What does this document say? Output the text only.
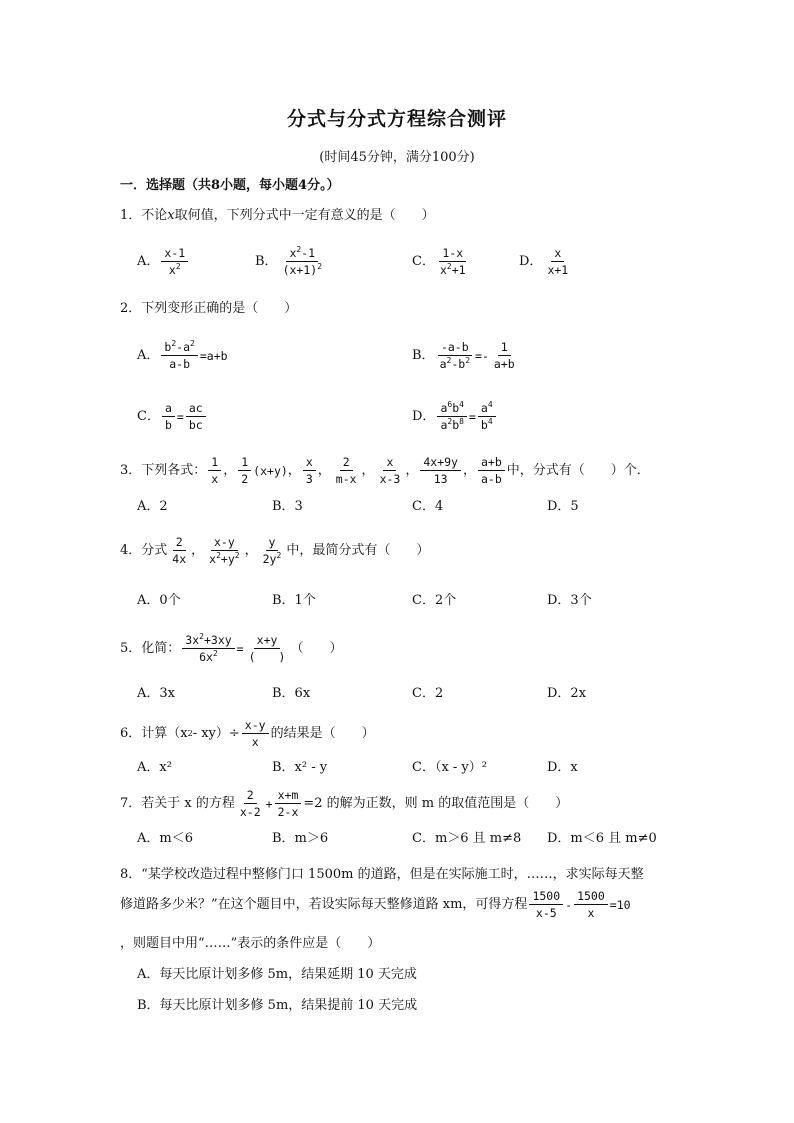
分式与分式方程综合测评
(时间45分钟，满分100分)
一．选择题（共8小题，每小题4分。）
1．不论x取何值，下列分式中一定有意义的是（　　）
A． $\frac{x-1}{x^2}$	B． $\frac{x^2-1}{(x+1)^2}$	C． $\frac{1-x}{x^2+1}$	D． $\frac{x}{x+1}$
2．下列变形正确的是（　　）
A． $\frac{b^2-a^2}{a-b} =a+b$	B． $\frac{-a-b}{a^2-b^2} =- \frac{1}{a+b}$
C． $\frac{a}{b} = \frac{ac}{bc}$	D． $\frac{a^6b^4}{a^2b^8} = \frac{a^4}{b^4}$
3．下列各式： $\frac{1}{x}$ ， $\frac{1}{2} (x+y)$ ， $\frac{x}{3}$ ， $\frac{2}{m-x}$ ， $\frac{x}{x-3}$ ， $\frac{4x+9y}{13}$ ， $\frac{a+b}{a-b}$ 中，分式有（　　）个．
A．2	B．3	C．4	D．5
4．分式 $\frac{2}{4x}$ ， $\frac{x-y}{x^2+y^2}$ ， $\frac{y}{2y^2}$ 中，最简分式有（　　）
A．0个	B．1个	C．2个	D．3个
5．化简： $\frac{3x^2+3xy}{6x^2} = \frac{x+y}{( )}$ （　　）
A．3x	B．6x	C．2	D．2x
6．计算（x $2 - xy)\div \frac{x-y}{x}$ 的结果是（　　）
A．x²	B．x² - y	C．（x - y）²	D．x
7．若关于 x 的方程 $\frac{2}{x-2} + \frac{x+m}{2-x} =2$ 的解为正数，则 m 的取值范围是（　　）
A．m＜6	B．m＞6	C．m＞6 且 m≠8 D．m＜6 且 m≠0
8．“某学校改造过程中整修门口 1500m 的道路，但是在实际施工时，……，求实际每天整
修道路多少米？”在这个题目中，若设实际每天整修道路 xm，可得方程 $\frac{1500}{x-5} - \frac{1500}{x} =10$
，则题目中用“……”表示的条件应是（　　）
A．每天比原计划多修 5m，结果延期 10 天完成
B．每天比原计划多修 5m，结果提前 10 天完成
